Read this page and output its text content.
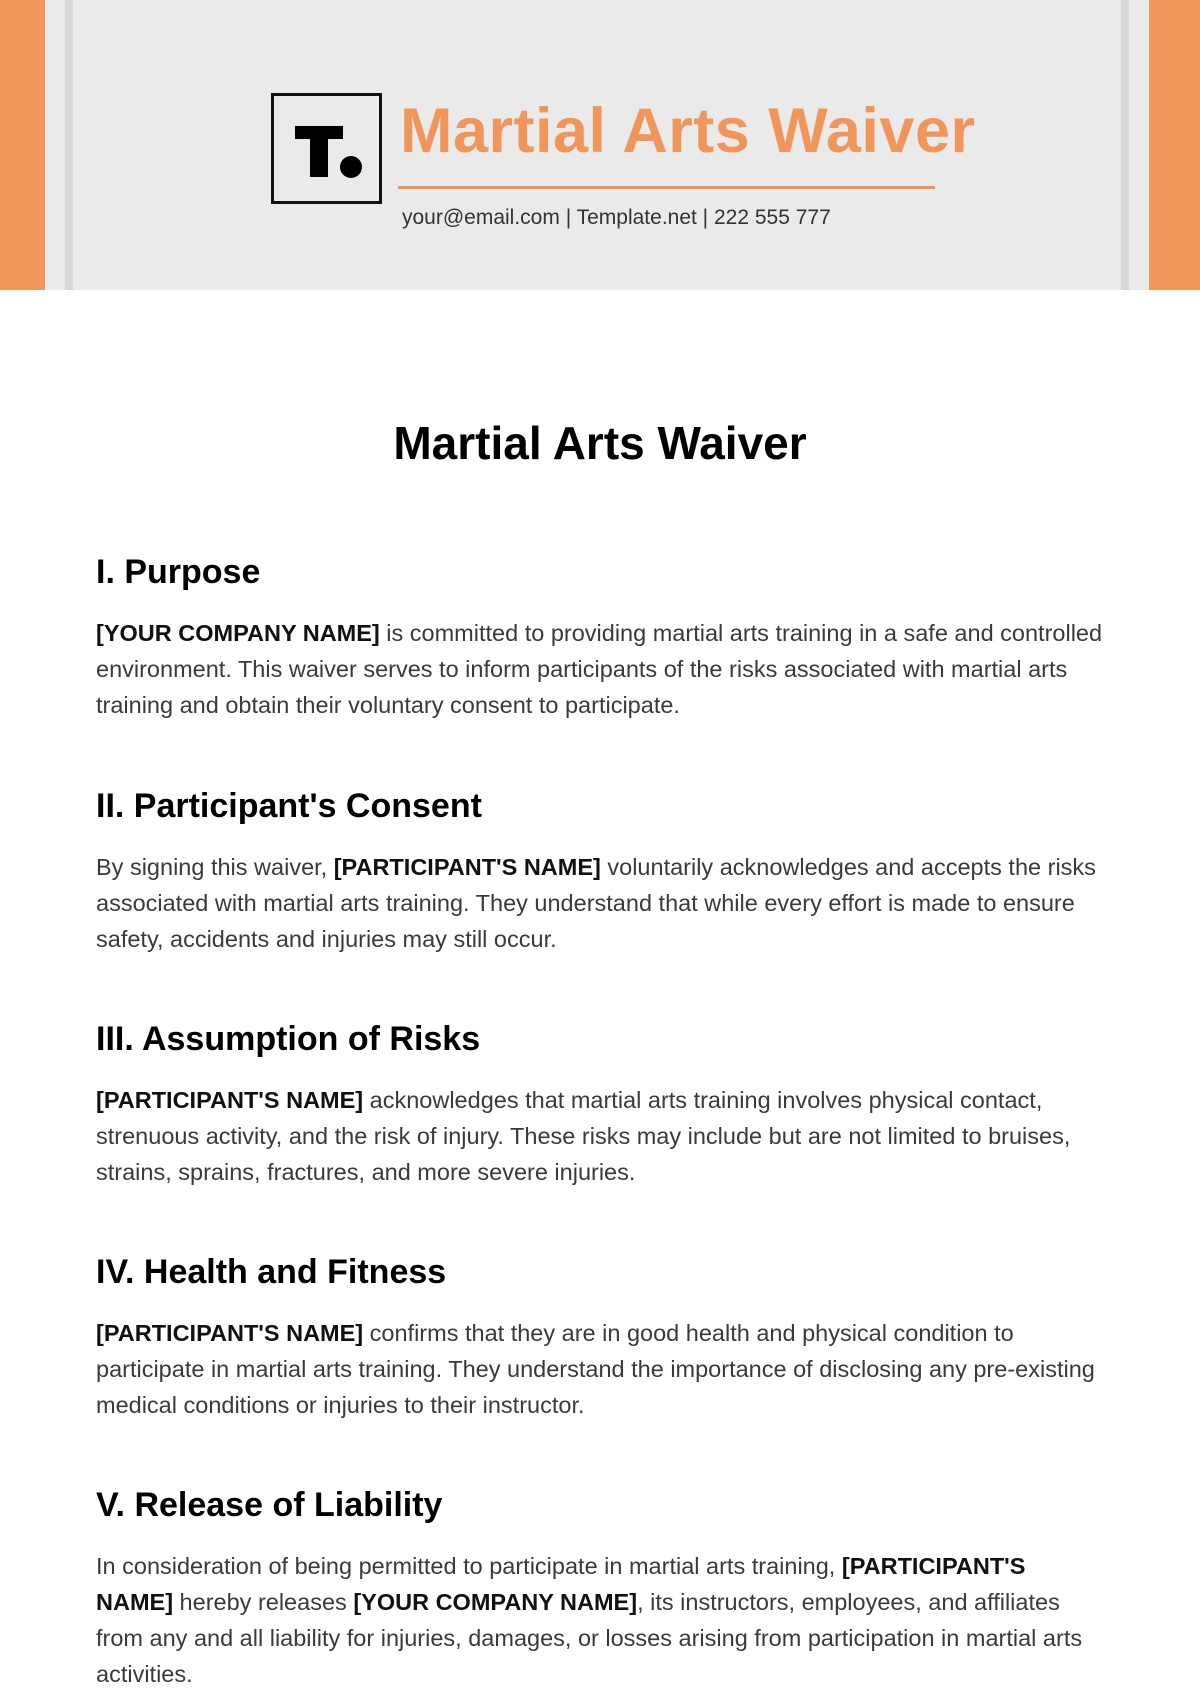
Martial Arts Waiver
your@email.com | Template.net | 222 555 777
Martial Arts Waiver
I. Purpose

[YOUR COMPANY NAME] is committed to providing martial arts training in a safe and controlled environment. This waiver serves to inform participants of the risks associated with martial arts training and obtain their voluntary consent to participate.

II. Participant's Consent

By signing this waiver, [PARTICIPANT'S NAME] voluntarily acknowledges and accepts the risks associated with martial arts training. They understand that while every effort is made to ensure safety, accidents and injuries may still occur.

III. Assumption of Risks

[PARTICIPANT'S NAME] acknowledges that martial arts training involves physical contact, strenuous activity, and the risk of injury. These risks may include but are not limited to bruises, strains, sprains, fractures, and more severe injuries.

IV. Health and Fitness

[PARTICIPANT'S NAME] confirms that they are in good health and physical condition to participate in martial arts training. They understand the importance of disclosing any pre-existing medical conditions or injuries to their instructor.

V. Release of Liability

In consideration of being permitted to participate in martial arts training, [PARTICIPANT'S NAME] hereby releases [YOUR COMPANY NAME], its instructors, employees, and affiliates from any and all liability for injuries, damages, or losses arising from participation in martial arts activities.
